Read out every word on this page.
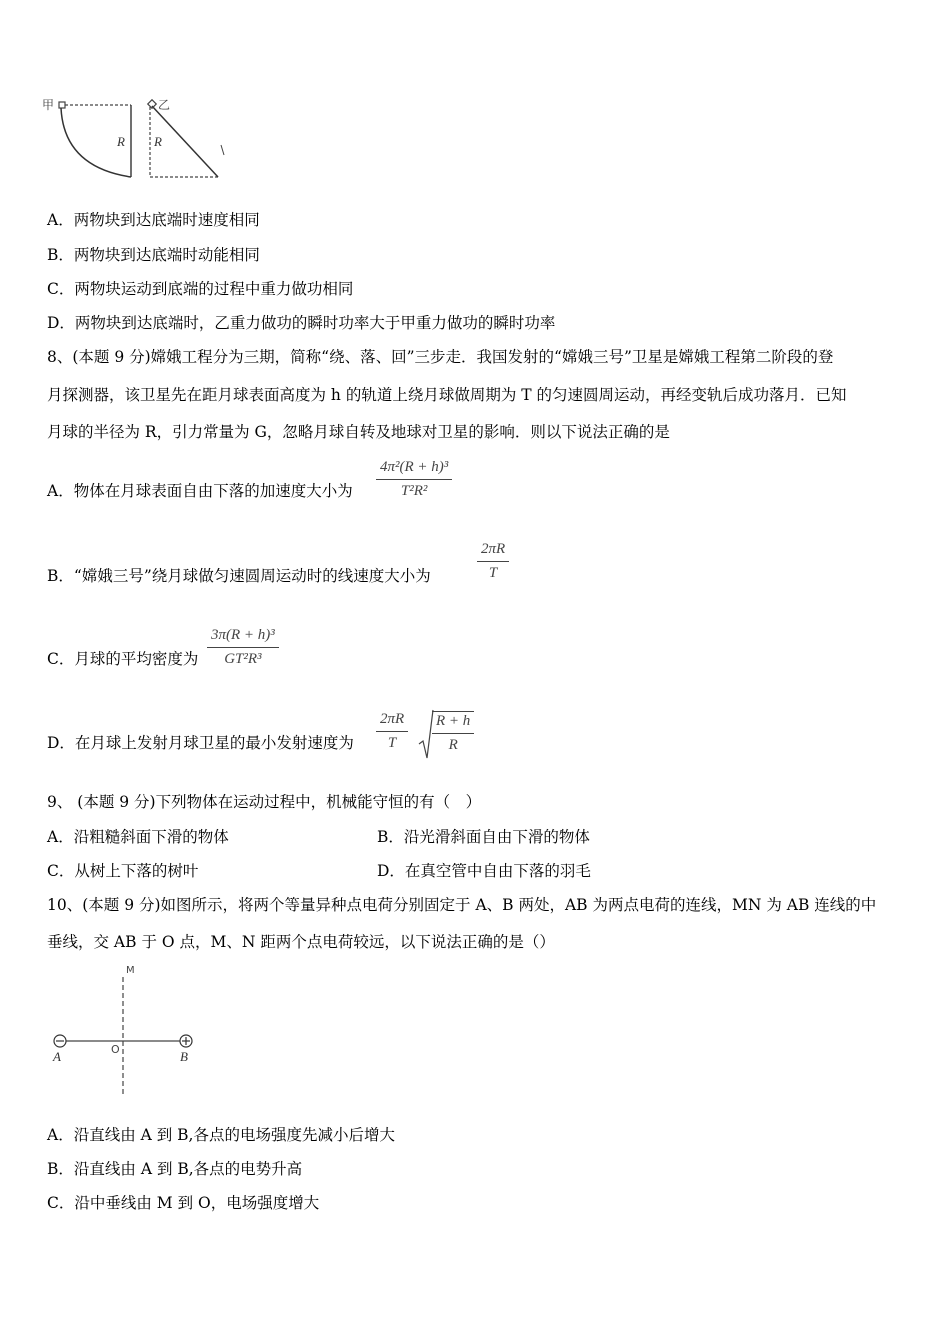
甲
R
乙
R
A．两物块到达底端时速度相同
B．两物块到达底端时动能相同
C．两物块运动到底端的过程中重力做功相同
D．两物块到达底端时，乙重力做功的瞬时功率大于甲重力做功的瞬时功率
8、(本题 9 分)嫦娥工程分为三期，简称“绕、落、回”三步走．我国发射的“嫦娥三号”卫星是嫦娥工程第二阶段的登
月探测器，该卫星先在距月球表面高度为 h 的轨道上绕月球做周期为 T 的匀速圆周运动，再经变轨后成功落月．已知
月球的半径为 R，引力常量为 G，忽略月球自转及地球对卫星的影响．则以下说法正确的是
A．物体在月球表面自由下落的加速度大小为 $\frac{\text{4π²(R + h)³}}{\text{T²R²}}$
B．“嫦娥三号”绕月球做匀速圆周运动时的线速度大小为	$\frac{2\pi R}{T}$
C．月球的平均密度为 $\frac{\text{3π(R + h)³}}{\text{GT²R³}}$
D．在月球上发射月球卫星的最小发射速度为 $\frac{2\pi R}{T} \frac{R + h}{R}$
9、 (本题 9 分)下列物体在运动过程中，机械能守恒的有（　）
A．沿粗糙斜面下滑的物体	B．沿光滑斜面自由下滑的物体
C．从树上下落的树叶	D．在真空管中自由下落的羽毛
10、(本题 9 分)如图所示，将两个等量异种点电荷分别固定于 A、B 两处，AB 为两点电荷的连线，MN 为 AB 连线的中
垂线，交 AB 于 O 点，M、N 距两个点电荷较远，以下说法正确的是（）
M
O
A	B
A．沿直线由 A 到 B,各点的电场强度先减小后增大
B．沿直线由 A 到 B,各点的电势升高
C．沿中垂线由 M 到 O，电场强度增大
